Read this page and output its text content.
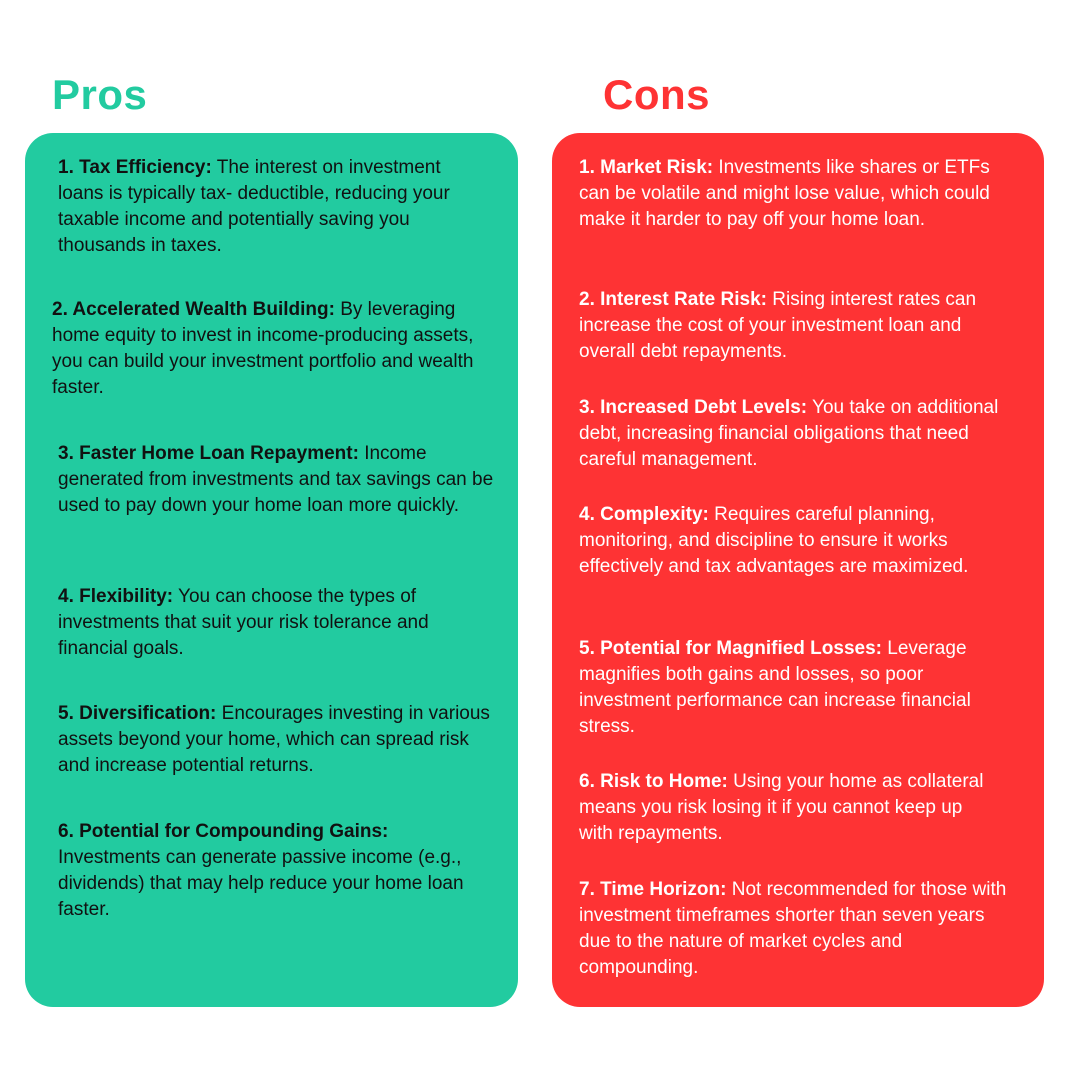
Pros	Cons

1. Tax Efficiency: The interest on investment loans is typically tax- deductible, reducing your taxable income and potentially saving you thousands in taxes.

2. Accelerated Wealth Building: By leveraging home equity to invest in income-producing assets, you can build your investment portfolio and wealth faster.

3. Faster Home Loan Repayment: Income generated from investments and tax savings can be used to pay down your home loan more quickly.

4. Flexibility: You can choose the types of investments that suit your risk tolerance and financial goals.

5. Diversification: Encourages investing in various assets beyond your home, which can spread risk and increase potential returns.

6. Potential for Compounding Gains: Investments can generate passive income (e.g., dividends) that may help reduce your home loan faster.

1. Market Risk: Investments like shares or ETFs can be volatile and might lose value, which could make it harder to pay off your home loan.

2. Interest Rate Risk: Rising interest rates can increase the cost of your investment loan and overall debt repayments.

3. Increased Debt Levels: You take on additional debt, increasing financial obligations that need careful management.

4. Complexity: Requires careful planning, monitoring, and discipline to ensure it works effectively and tax advantages are maximized.

5. Potential for Magnified Losses: Leverage magnifies both gains and losses, so poor investment performance can increase financial stress.

6. Risk to Home: Using your home as collateral means you risk losing it if you cannot keep up with repayments.

7. Time Horizon: Not recommended for those with investment timeframes shorter than seven years due to the nature of market cycles and compounding.
